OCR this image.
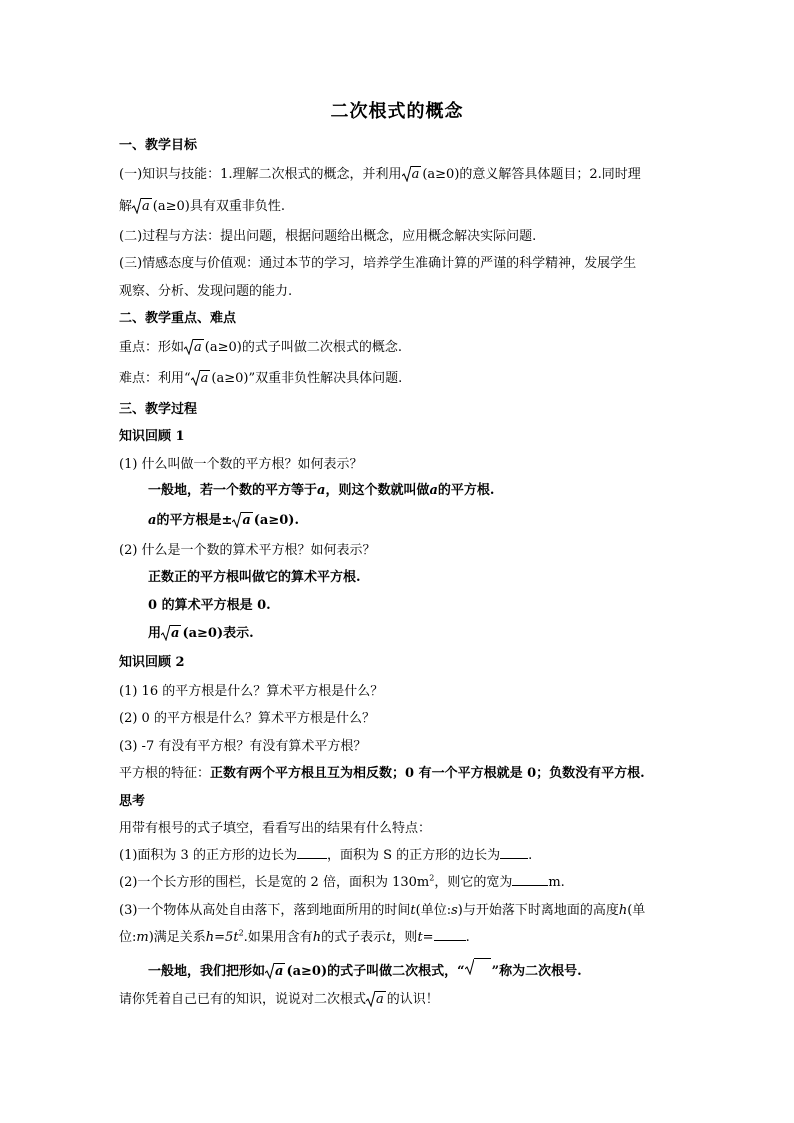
二次根式的概念
一、教学目标
(一)知识与技能：1.理解二次根式的概念，并利用 a (a≥0)的意义解答具体题目；2.同时理
解 a (a≥0)具有双重非负性.
(二)过程与方法：提出问题，根据问题给出概念，应用概念解决实际问题.
(三)情感态度与价值观：通过本节的学习，培养学生准确计算的严谨的科学精神，发展学生
观察、分析、发现问题的能力.
二、教学重点、难点
重点：形如 a (a≥0)的式子叫做二次根式的概念.
难点：利用“ a (a≥0)”双重非负性解决具体问题.
三、教学过程
知识回顾 1
(1) 什么叫做一个数的平方根？如何表示？
一般地，若一个数的平方等于a，则这个数就叫做a的平方根.
a的平方根是± a (a≥0).
(2) 什么是一个数的算术平方根？如何表示？
正数正的平方根叫做它的算术平方根.
0 的算术平方根是 0.
用 a (a≥0)表示.
知识回顾 2
(1) 16 的平方根是什么？算术平方根是什么？
(2) 0 的平方根是什么？算术平方根是什么？
(3) -7 有没有平方根？有没有算术平方根？
平方根的特征：正数有两个平方根且互为相反数；0 有一个平方根就是 0；负数没有平方根.
思考
用带有根号的式子填空，看看写出的结果有什么特点：
(1)面积为 3 的正方形的边长为 ，面积为 S 的正方形的边长为 .
(2)一个长方形的围栏，长是宽的 2 倍，面积为 $130m^2$，则它的宽为	m.
(3)一个物体从高处自由落下，落到地面所用的时间t(单位:s)与开始落下时离地面的高度h(单
位:m)满足关系$h=5t^2$.如果用含有h的式子表示t，则t= .
一般地，我们把形如 a (a≥0)的式子叫做二次根式，“ ”称为二次根号.
请你凭着自己已有的知识，说说对二次根式 a 的认识！
